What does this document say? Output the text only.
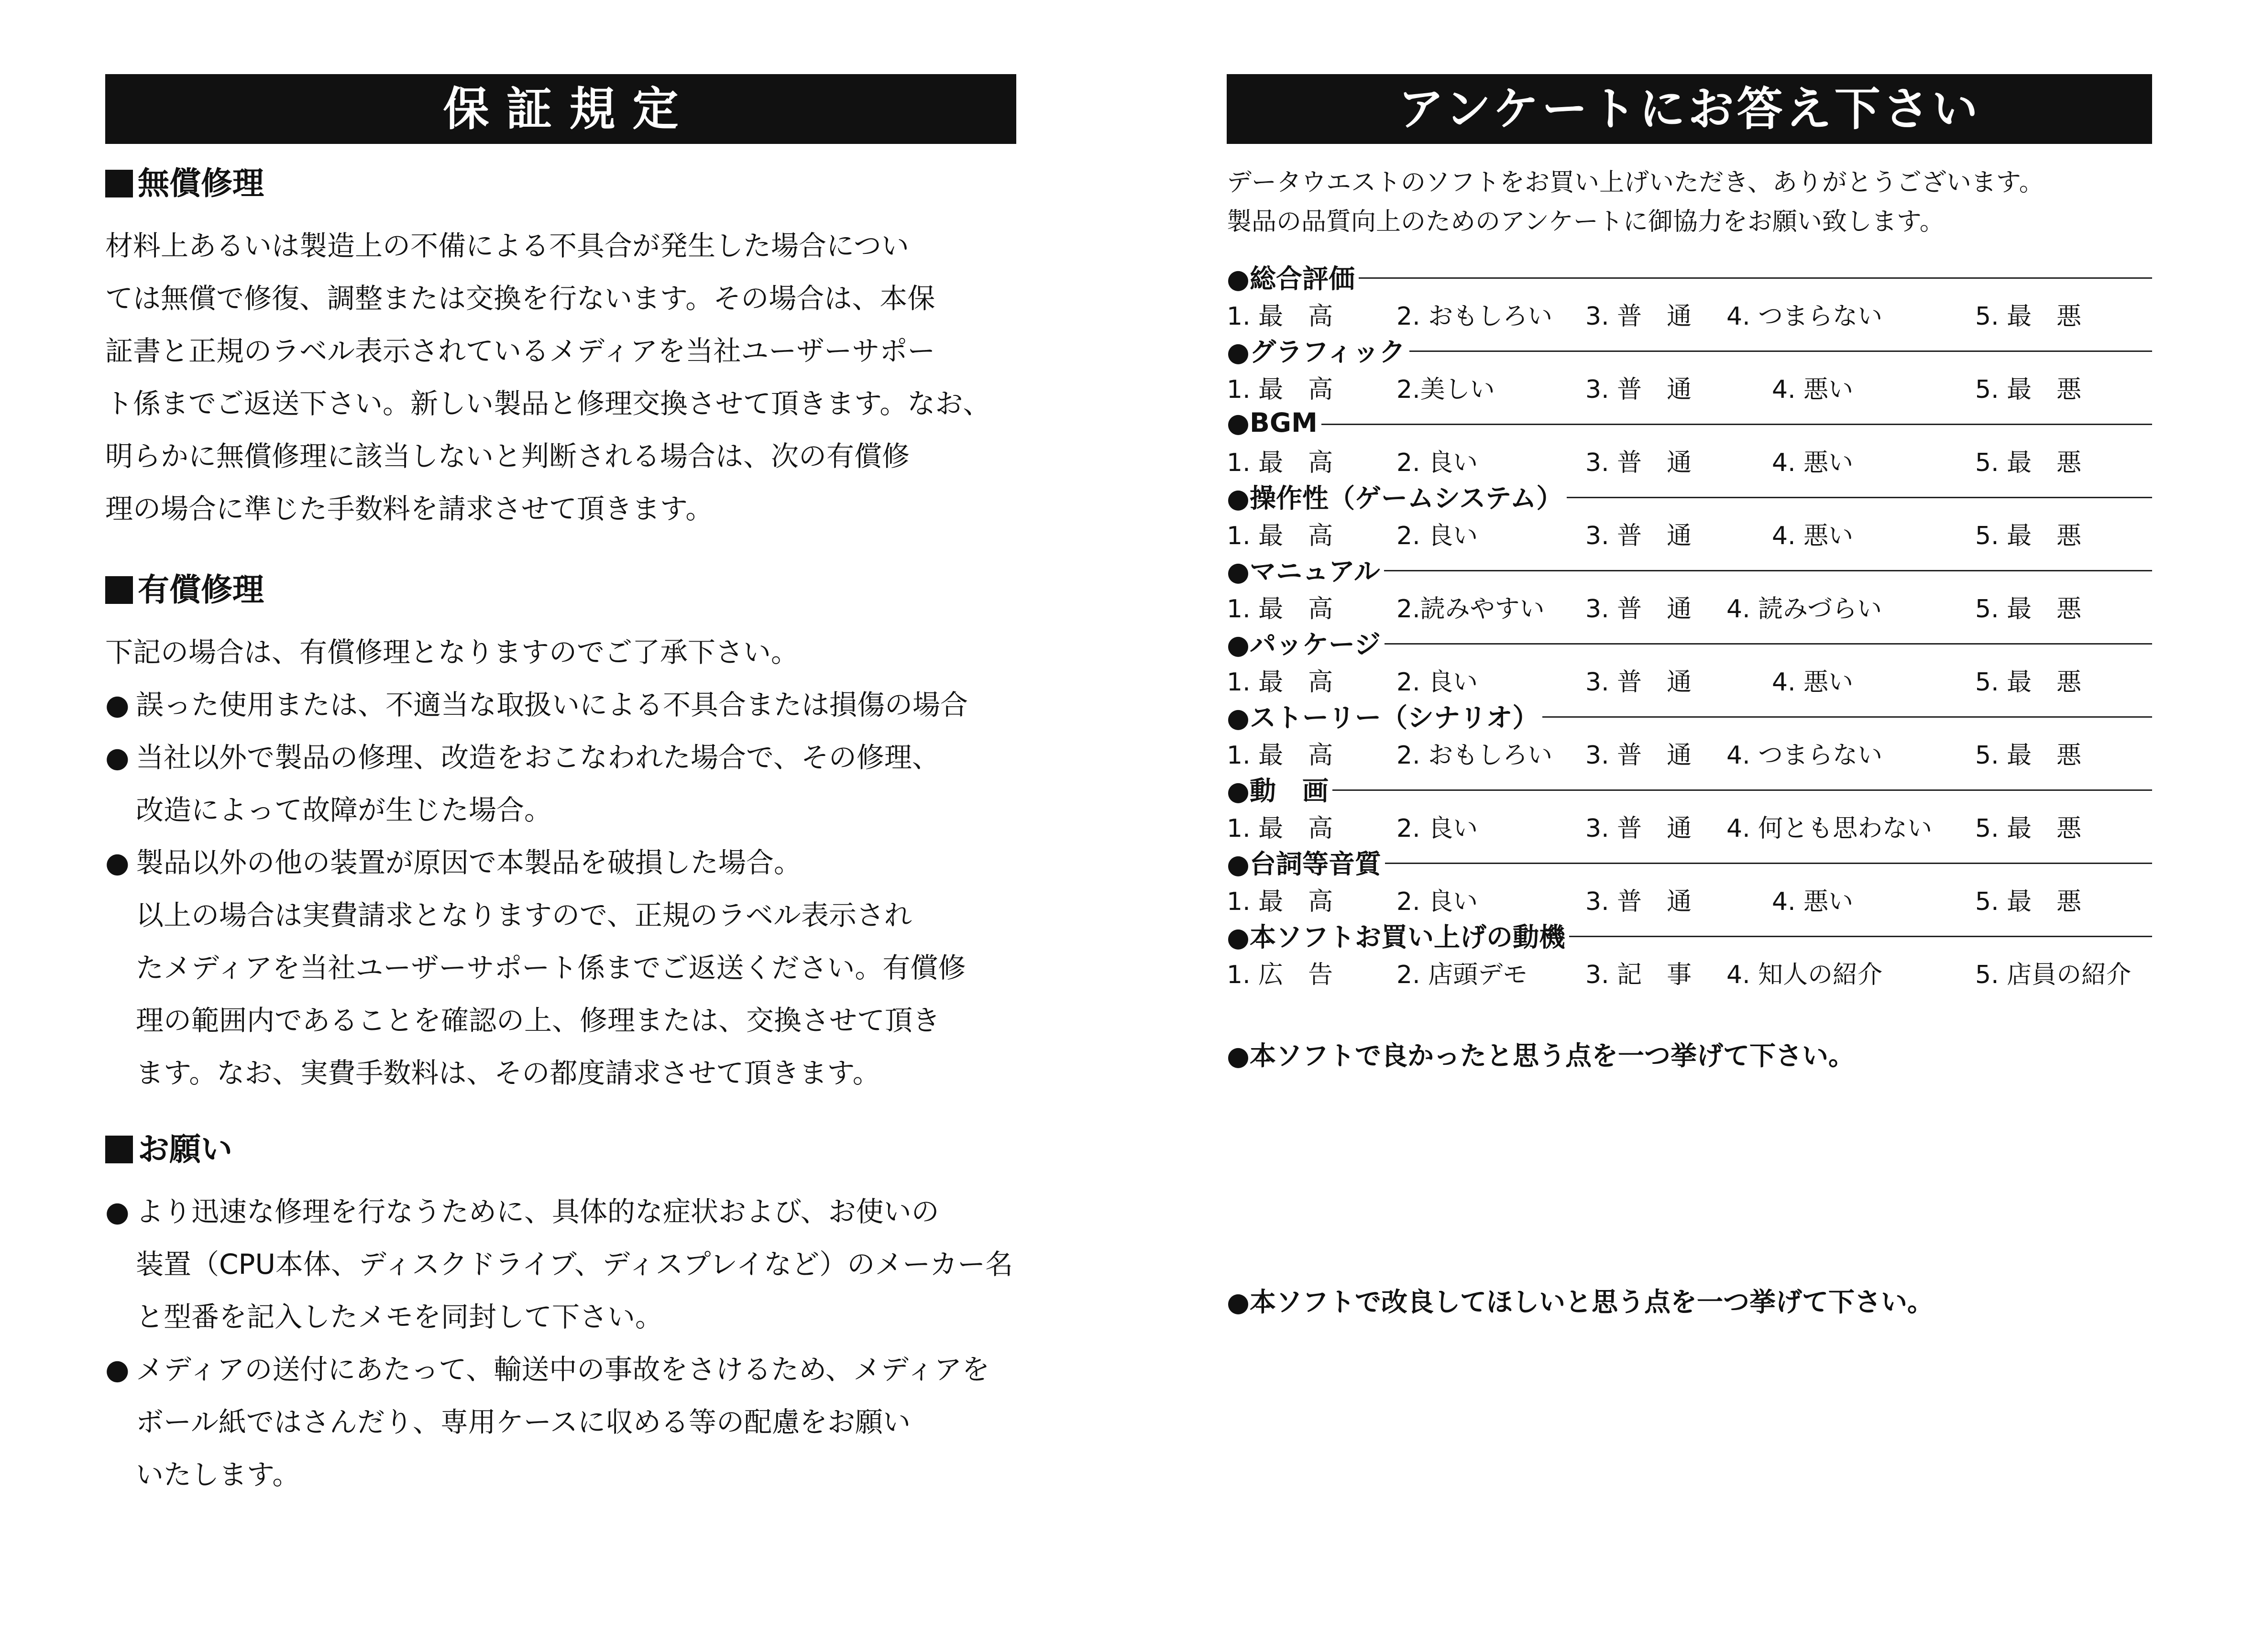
保証規定
無償修理

材料上あるいは製造上の不備による不具合が発生した場合につい

ては無償で修復、調整または交換を行ないます。その場合は、本保

証書と正規のラベル表示されているメディアを当社ユーザーサポー

ト係までご返送下さい。新しい製品と修理交換させて頂きます。なお、

明らかに無償修理に該当しないと判断される場合は、次の有償修

理の場合に準じた手数料を請求させて頂きます。

有償修理

下記の場合は、有償修理となりますのでご了承下さい。

● 誤った使用または、不適当な取扱いによる不具合または損傷の場合

● 当社以外で製品の修理、改造をおこなわれた場合で、その修理、

改造によって故障が生じた場合。

● 製品以外の他の装置が原因で本製品を破損した場合。

以上の場合は実費請求となりますので、正規のラベル表示され

たメディアを当社ユーザーサポート係までご返送ください。有償修

理の範囲内であることを確認の上、修理または、交換させて頂き

ます。なお、実費手数料は、その都度請求させて頂きます。

お願い

● より迅速な修理を行なうために、具体的な症状および、お使いの

装置（CPU本体、ディスクドライブ、ディスプレイなど）のメーカー名

と型番を記入したメモを同封して下さい。

● メディアの送付にあたって、輸送中の事故をさけるため、メディアを

ボール紙ではさんだり、専用ケースに収める等の配慮をお願い

いたします。

アンケートにお答え下さい

データウエストのソフトをお買い上げいただき、ありがとうございます。

製品の品質向上のためのアンケートに御協力をお願い致します。

●総合評価
1. 最　高	2. おもしろい 3. 普　通 4. つまらない	5. 最　悪
●グラフィック
1. 最　高	2.美しい	3. 普　通	4. 悪い	5. 最　悪
●BGM
1. 最　高	2. 良い	3. 普　通	4. 悪い	5. 最　悪
●操作性（ゲームシステム）
1. 最　高	2. 良い	3. 普　通	4. 悪い	5. 最　悪
●マニュアル
1. 最　高	2.読みやすい 3. 普　通 4. 読みづらい	5. 最　悪
●パッケージ
1. 最　高	2. 良い	3. 普　通	4. 悪い	5. 最　悪
●ストーリー（シナリオ）
1. 最　高	2. おもしろい 3. 普　通 4. つまらない	5. 最　悪
●動　画
1. 最　高	2. 良い	3. 普　通 4. 何とも思わない 5. 最　悪
●台詞等音質
1. 最　高	2. 良い	3. 普　通	4. 悪い	5. 最　悪
●本ソフトお買い上げの動機
1. 広　告	2. 店頭デモ 3. 記　事 4. 知人の紹介	5. 店員の紹介

●本ソフトで良かったと思う点を一つ挙げて下さい。

●本ソフトで改良してほしいと思う点を一つ挙げて下さい。
